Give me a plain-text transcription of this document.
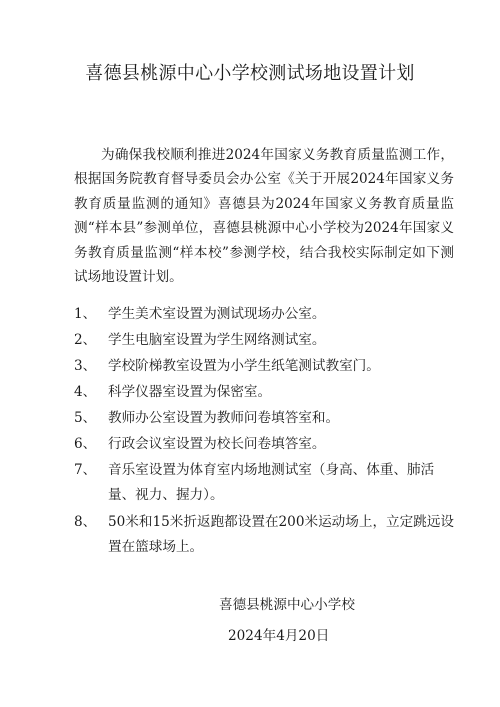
喜德县桃源中心小学校测试场地设置计划
为确保我校顺利推进2024年国家义务教育质量监测工作，根据国务院教育督导委员会办公室《关于开展2024年国家义务教育质量监测的通知》喜德县为2024年国家义务教育质量监测“样本县”参测单位，喜德县桃源中心小学校为2024年国家义务教育质量监测“样本校”参测学校，结合我校实际制定如下测试场地设置计划。
1、 学生美术室设置为测试现场办公室。
2、 学生电脑室设置为学生网络测试室。
3、 学校阶梯教室设置为小学生纸笔测试教室门。
4、 科学仪器室设置为保密室。
5、 教师办公室设置为教师问卷填答室和。
6、 行政会议室设置为校长问卷填答室。
7、 音乐室设置为体育室内场地测试室（身高、体重、肺活量、视力、握力）。
8、 50米和15米折返跑都设置在200米运动场上，立定跳远设置在篮球场上。
喜德县桃源中心小学校
2024年4月20日
